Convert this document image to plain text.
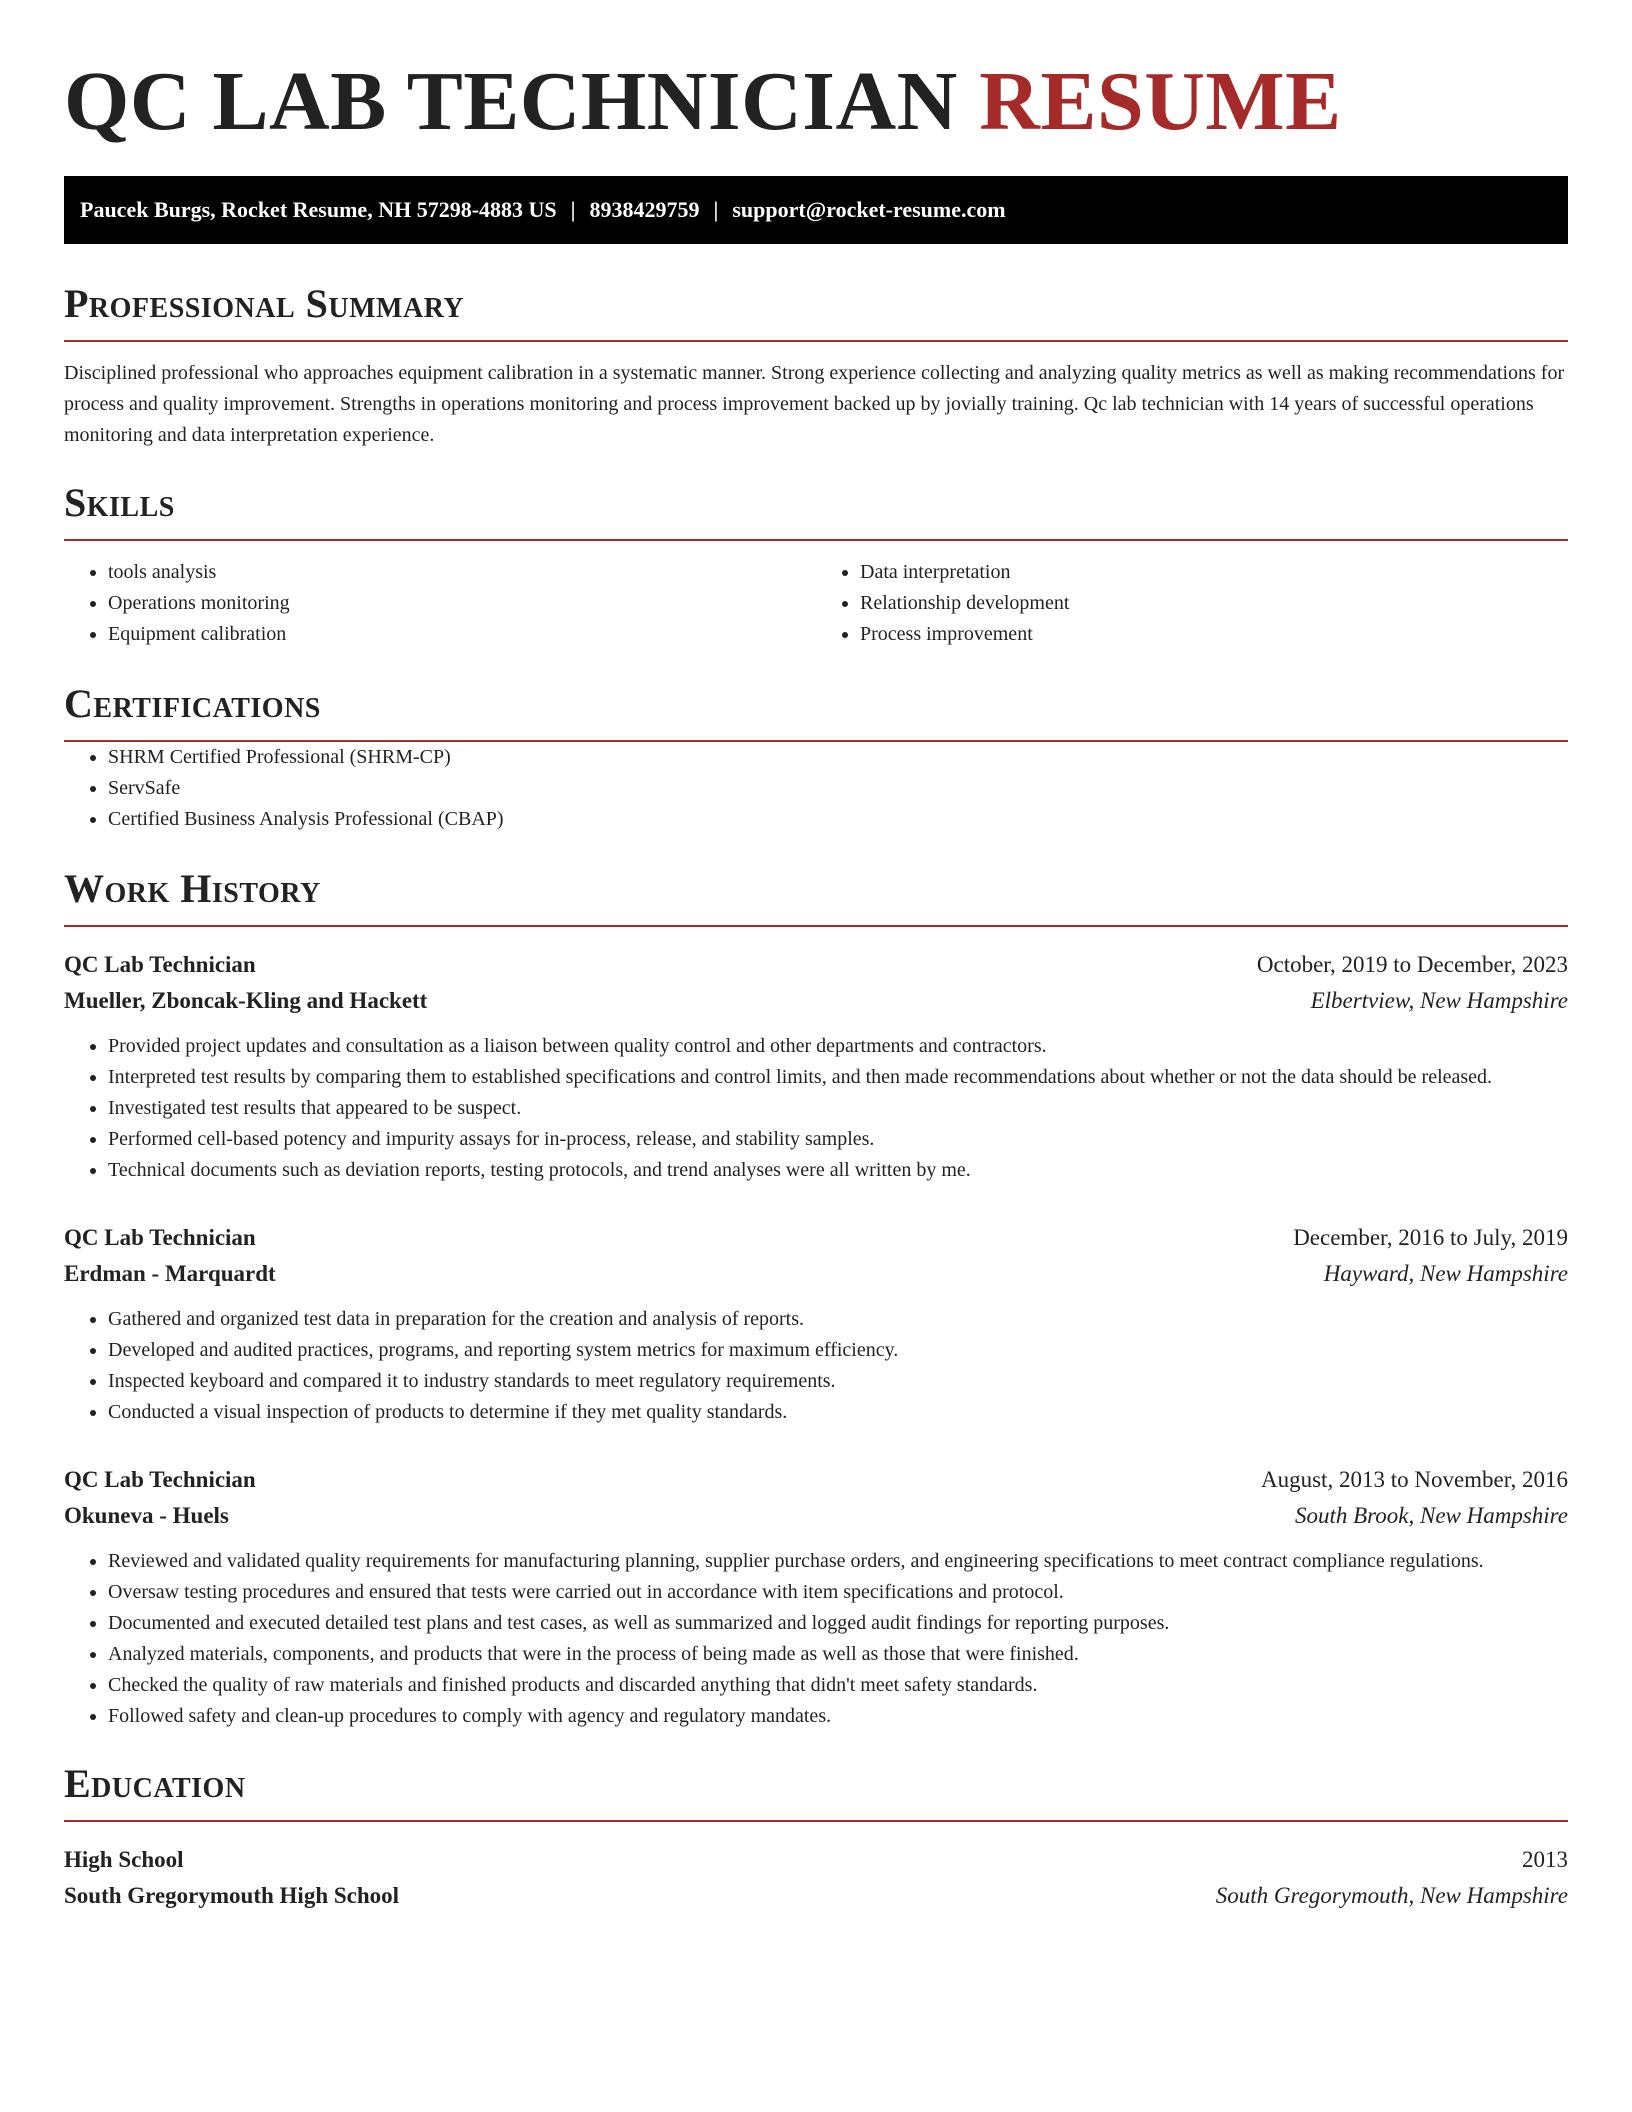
QC LAB TECHNICIAN RESUME
Paucek Burgs, Rocket Resume, NH 57298-4883 US | 8938429759 | support@rocket-resume.com
Professional Summary

Disciplined professional who approaches equipment calibration in a systematic manner. Strong experience collecting and analyzing quality metrics as well as making recommendations for process and quality improvement. Strengths in operations monitoring and process improvement backed up by jovially training. Qc lab technician with 14 years of successful operations monitoring and data interpretation experience.

Skills
• tools analysis
• Operations monitoring
• Equipment calibration
• Data interpretation
• Relationship development
• Process improvement
Certifications
• SHRM Certified Professional (SHRM-CP)
• ServSafe
• Certified Business Analysis Professional (CBAP)
Work History
QC Lab Technician	October, 2019 to December, 2023
Mueller, Zboncak-Kling and Hackett	Elbertview, New Hampshire
• Provided project updates and consultation as a liaison between quality control and other departments and contractors.
• Interpreted test results by comparing them to established specifications and control limits, and then made recommendations about whether or not the data should be released.
• Investigated test results that appeared to be suspect.
• Performed cell-based potency and impurity assays for in-process, release, and stability samples.
• Technical documents such as deviation reports, testing protocols, and trend analyses were all written by me.
QC Lab Technician	December, 2016 to July, 2019
Erdman - Marquardt	Hayward, New Hampshire
• Gathered and organized test data in preparation for the creation and analysis of reports.
• Developed and audited practices, programs, and reporting system metrics for maximum efficiency.
• Inspected keyboard and compared it to industry standards to meet regulatory requirements.
• Conducted a visual inspection of products to determine if they met quality standards.
QC Lab Technician	August, 2013 to November, 2016
Okuneva - Huels	South Brook, New Hampshire
• Reviewed and validated quality requirements for manufacturing planning, supplier purchase orders, and engineering specifications to meet contract compliance regulations.
• Oversaw testing procedures and ensured that tests were carried out in accordance with item specifications and protocol.
• Documented and executed detailed test plans and test cases, as well as summarized and logged audit findings for reporting purposes.
• Analyzed materials, components, and products that were in the process of being made as well as those that were finished.
• Checked the quality of raw materials and finished products and discarded anything that didn't meet safety standards.
• Followed safety and clean-up procedures to comply with agency and regulatory mandates.
Education
High School	2013
South Gregorymouth High School	South Gregorymouth, New Hampshire
